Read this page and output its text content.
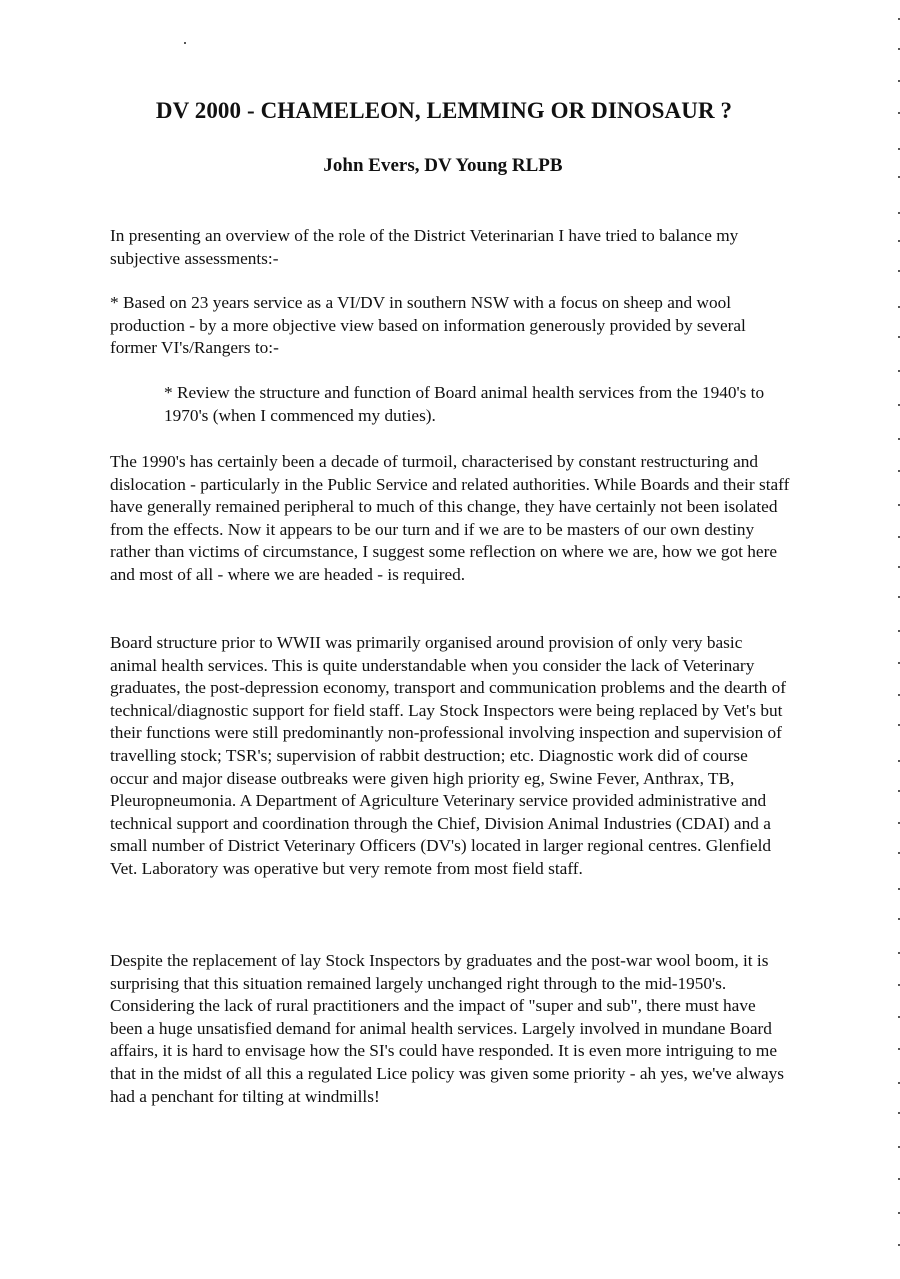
DV 2000 - CHAMELEON, LEMMING OR DINOSAUR ?
John Evers, DV Young RLPB

In presenting an overview of the role of the District Veterinarian I have tried to balance my subjective assessments:-

* Based on 23 years service as a VI/DV in southern NSW with a focus on sheep and wool production - by a more objective view based on information generously provided by several former VI's/Rangers to:-

* Review the structure and function of Board animal health services from the 1940's to 1970's (when I commenced my duties).

The 1990's has certainly been a decade of turmoil, characterised by constant restructuring and dislocation - particularly in the Public Service and related authorities. While Boards and their staff have generally remained peripheral to much of this change, they have certainly not been isolated from the effects. Now it appears to be our turn and if we are to be masters of our own destiny rather than victims of circumstance, I suggest some reflection on where we are, how we got here and most of all - where we are headed - is required.

Board structure prior to WWII was primarily organised around provision of only very basic animal health services. This is quite understandable when you consider the lack of Veterinary graduates, the post-depression economy, transport and communication problems and the dearth of technical/diagnostic support for field staff. Lay Stock Inspectors were being replaced by Vet's but their functions were still predominantly non-professional involving inspection and supervision of travelling stock; TSR's; supervision of rabbit destruction; etc. Diagnostic work did of course occur and major disease outbreaks were given high priority eg, Swine Fever, Anthrax, TB, Pleuropneumonia. A Department of Agriculture Veterinary service provided administrative and technical support and coordination through the Chief, Division Animal Industries (CDAI) and a small number of District Veterinary Officers (DV's) located in larger regional centres. Glenfield Vet. Laboratory was operative but very remote from most field staff.

Despite the replacement of lay Stock Inspectors by graduates and the post-war wool boom, it is surprising that this situation remained largely unchanged right through to the mid-1950's. Considering the lack of rural practitioners and the impact of "super and sub", there must have been a huge unsatisfied demand for animal health services. Largely involved in mundane Board affairs, it is hard to envisage how the SI's could have responded. It is even more intriguing to me that in the midst of all this a regulated Lice policy was given some priority - ah yes, we've always had a penchant for tilting at windmills!
